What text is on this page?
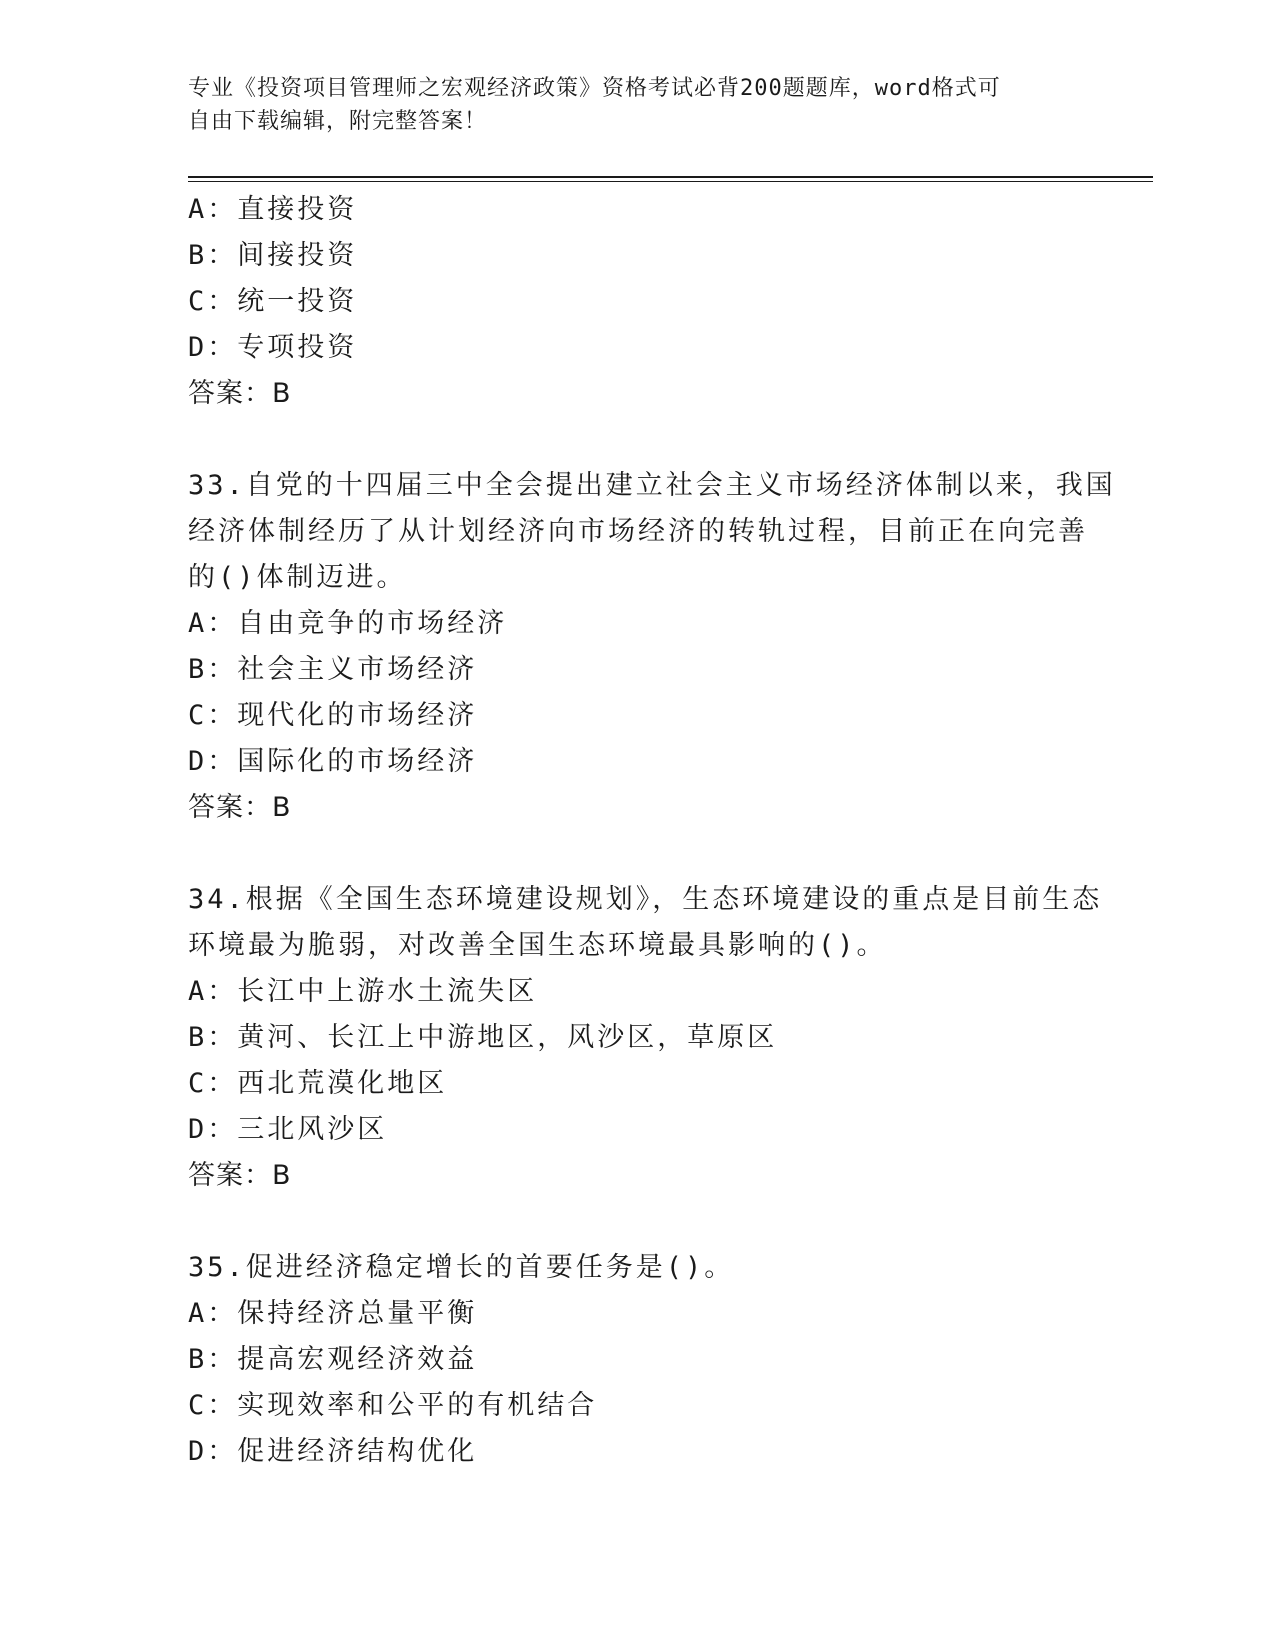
专业《投资项目管理师之宏观经济政策》资格考试必背200题题库，word格式可
自由下载编辑，附完整答案！
A：直接投资
B：间接投资
C：统一投资
D：专项投资
答案：B
33.自党的十四届三中全会提出建立社会主义市场经济体制以来，我国
经济体制经历了从计划经济向市场经济的转轨过程，目前正在向完善
的()体制迈进。
A：自由竞争的市场经济
B：社会主义市场经济
C：现代化的市场经济
D：国际化的市场经济
答案：B
34.根据《全国生态环境建设规划》，生态环境建设的重点是目前生态
环境最为脆弱，对改善全国生态环境最具影响的()。
A：长江中上游水土流失区
B：黄河、长江上中游地区，风沙区，草原区
C：西北荒漠化地区
D：三北风沙区
答案：B
35.促进经济稳定增长的首要任务是()。
A：保持经济总量平衡
B：提高宏观经济效益
C：实现效率和公平的有机结合
D：促进经济结构优化
